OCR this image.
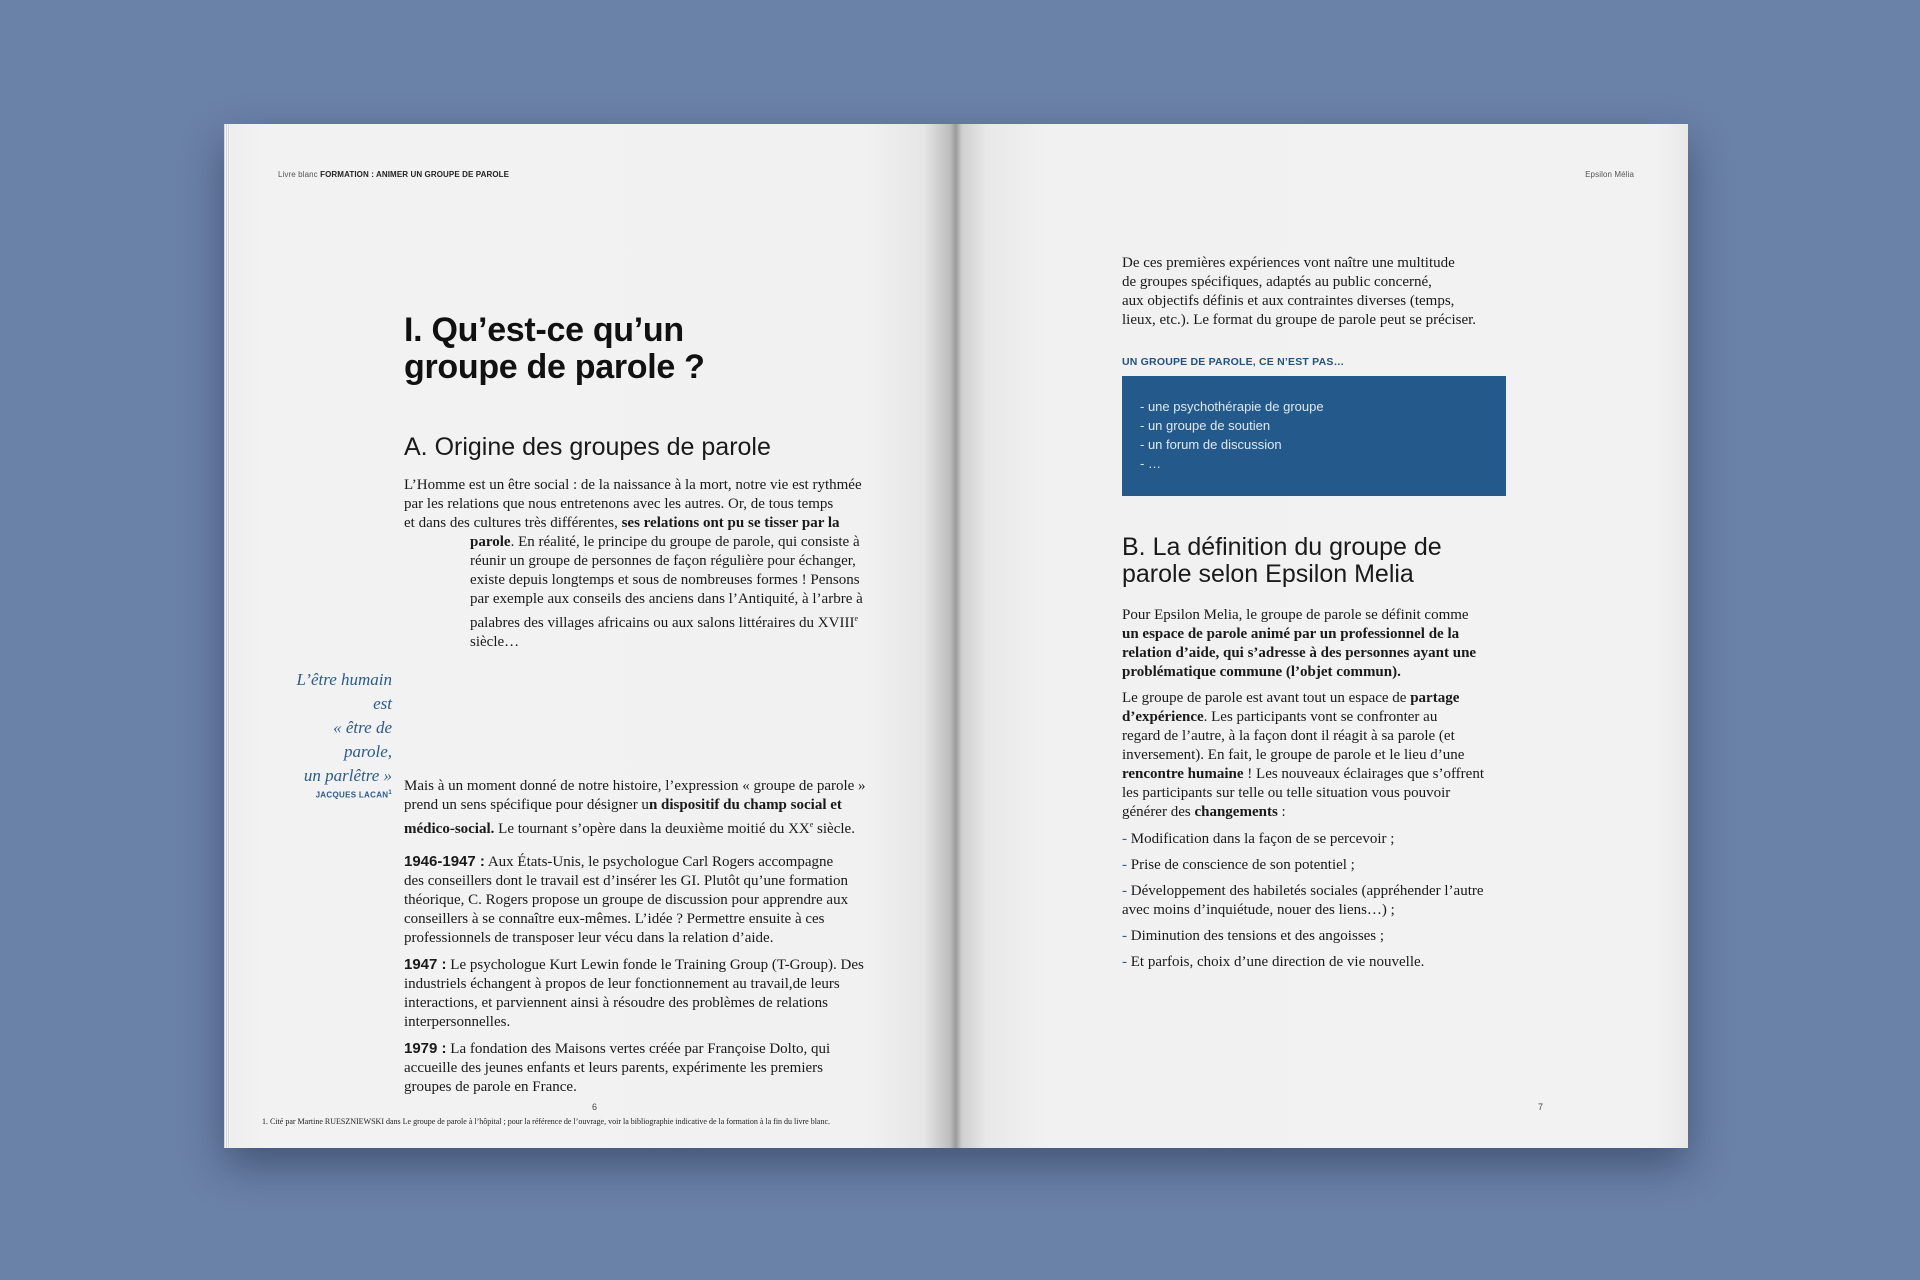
Livre blanc FORMATION : ANIMER UN GROUPE DE PAROLE
I. Qu’est-ce qu’un
groupe de parole ?
A. Origine des groupes de parole
L’Homme est un être social : de la naissance à la mort, notre vie est rythmée
par les relations que nous entretenons avec les autres. Or, de tous temps
et dans des cultures très différentes, ses relations ont pu se tisser par la
parole. En réalité, le principe du groupe de parole, qui consiste à
réunir un groupe de personnes de façon régulière pour échanger,
existe depuis longtemps et sous de nombreuses formes ! Pensons
par exemple aux conseils des anciens dans l’Antiquité, à l’arbre à
palabres des villages africains ou aux salons littéraires du XVIIIe
siècle…
L’être humain est
« être de parole,
un parlêtre »
JACQUES LACAN$^1$ Mais à un moment donné de notre histoire, l’expression « groupe de parole »
prend un sens spécifique pour désigner un dispositif du champ social et
médico-social. Le tournant s’opère dans la deuxième moitié du XXe siècle.

1946-1947 : Aux États-Unis, le psychologue Carl Rogers accompagne
des conseillers dont le travail est d’insérer les GI. Plutôt qu’une formation
théorique, C. Rogers propose un groupe de discussion pour apprendre aux
conseillers à se connaître eux-mêmes. L’idée ? Permettre ensuite à ces
professionnels de transposer leur vécu dans la relation d’aide.

1947 : Le psychologue Kurt Lewin fonde le Training Group (T-Group). Des
industriels échangent à propos de leur fonctionnement au travail,de leurs
interactions, et parviennent ainsi à résoudre des problèmes de relations
interpersonnelles.

1979 : La fondation des Maisons vertes créée par Françoise Dolto, qui
accueille des jeunes enfants et leurs parents, expérimente les premiers
groupes de parole en France.

6
1. Cité par Martine RUESZNIEWSKI dans Le groupe de parole à l’hôpital ; pour la référence de l’ouvrage, voir la bibliographie indicative de la formation à la fin du livre blanc.
Epsilon Mélia
De ces premières expériences vont naître une multitude
de groupes spécifiques, adaptés au public concerné,
aux objectifs définis et aux contraintes diverses (temps,
lieux, etc.). Le format du groupe de parole peut se préciser.
UN GROUPE DE PAROLE, CE N’EST PAS…
- une psychothérapie de groupe
- un groupe de soutien
- un forum de discussion
- …
B. La définition du groupe de
parole selon Epsilon Melia

Pour Epsilon Melia, le groupe de parole se définit comme
un espace de parole animé par un professionnel de la
relation d’aide, qui s’adresse à des personnes ayant une
problématique commune (l’objet commun).

Le groupe de parole est avant tout un espace de partage
d’expérience. Les participants vont se confronter au
regard de l’autre, à la façon dont il réagit à sa parole (et
inversement). En fait, le groupe de parole et le lieu d’une
rencontre humaine ! Les nouveaux éclairages que s’offrent
les participants sur telle ou telle situation vous pouvoir
générer des changements :

- Modification dans la façon de se percevoir ;
- Prise de conscience de son potentiel ;
- Développement des habiletés sociales (appréhender l’autre
avec moins d’inquiétude, nouer des liens…) ;
- Diminution des tensions et des angoisses ;
- Et parfois, choix d’une direction de vie nouvelle.
7
